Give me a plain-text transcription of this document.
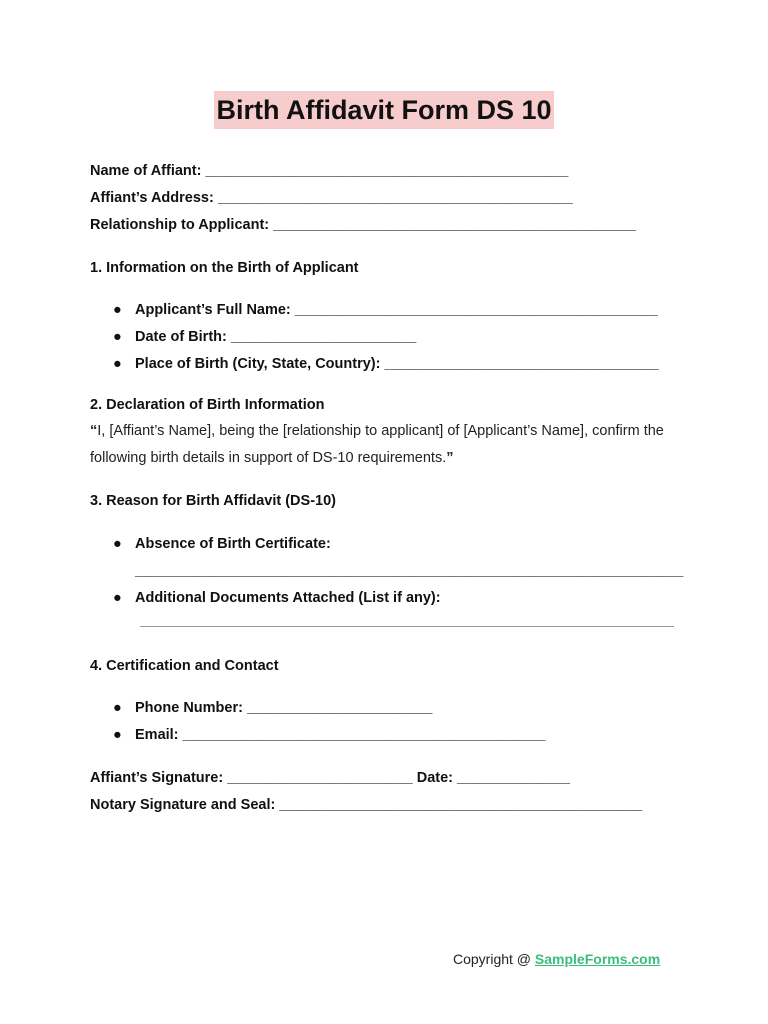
Birth Affidavit Form DS 10
Name of Affiant: _____________________________________________
Affiant’s Address: ____________________________________________
Relationship to Applicant: _____________________________________________
1. Information on the Birth of Applicant
● Applicant’s Full Name: _____________________________________________
● Date of Birth: _______________________
● Place of Birth (City, State, Country): __________________________________
2. Declaration of Birth Information
“I, [Affiant’s Name], being the [relationship to applicant] of [Applicant’s Name], confirm the following birth details in support of DS-10 requirements.”
3. Reason for Birth Affidavit (DS-10)
● Absence of Birth Certificate:
____________________________________________________________________
● Additional Documents Attached (List if any):
4. Certification and Contact
● Phone Number: _______________________
● Email: _____________________________________________
Affiant’s Signature: _______________________ Date: ______________
Notary Signature and Seal: _____________________________________________
Copyright @ SampleForms.com
